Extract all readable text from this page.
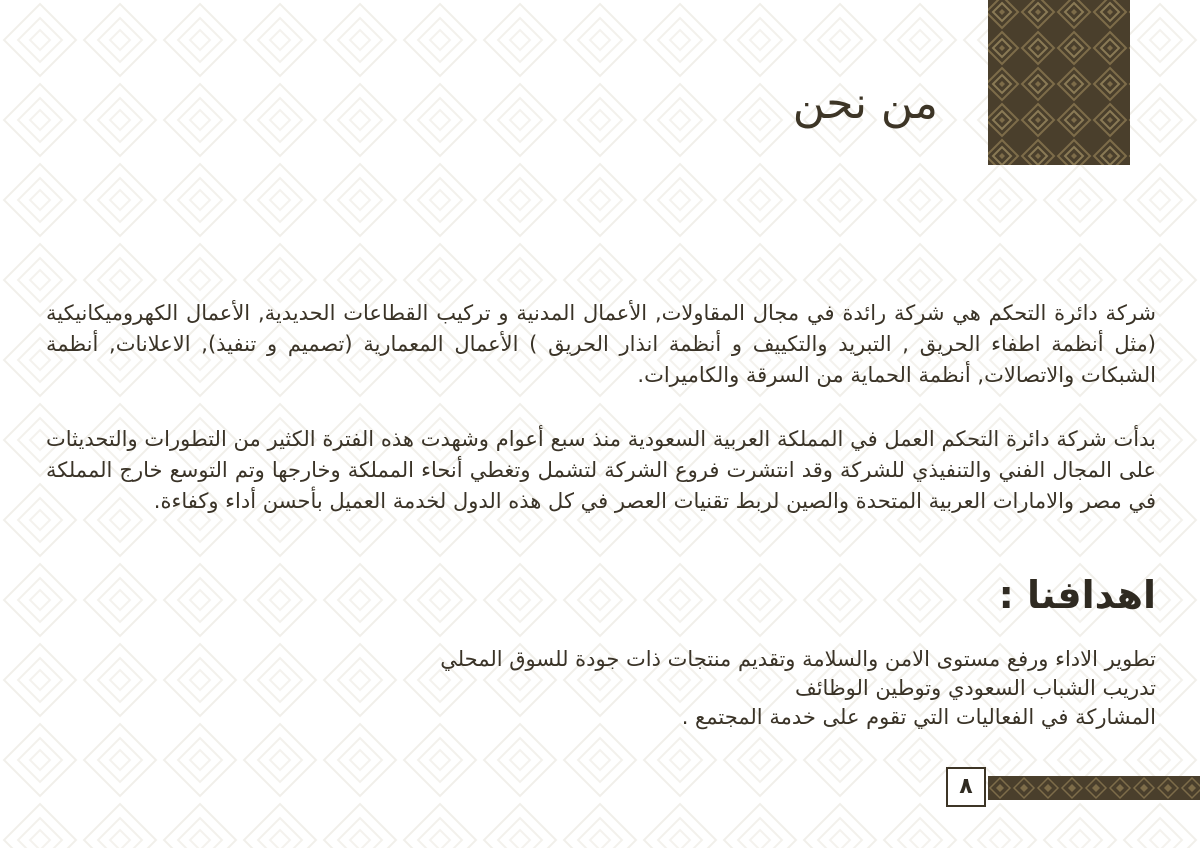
من نحن

شركة دائرة التحكم هي شركة رائدة في مجال المقاولات, الأعمال المدنية و تركيب القطاعات الحديدية, الأعمال الكهروميكانيكية (مثل أنظمة اطفاء الحريق , التبريد والتكييف و أنظمة انذار الحريق ) الأعمال المعمارية (تصميم و تنفيذ), الاعلانات, أنظمة الشبكات والاتصالات, أنظمة الحماية من السرقة والكاميرات.

بدأت شركة دائرة التحكم العمل في المملكة العربية السعودية منذ سبع أعوام وشهدت هذه الفترة الكثير من التطورات والتحديثات على المجال الفني والتنفيذي للشركة وقد انتشرت فروع الشركة لتشمل وتغطي أنحاء المملكة وخارجها وتم التوسع خارج المملكة في مصر والامارات العربية المتحدة والصين لربط تقنيات العصر في كل هذه الدول لخدمة العميل بأحسن أداء وكفاءة.

اهدافنا :
تطوير الاداء ورفع مستوى الامن والسلامة وتقديم منتجات ذات جودة للسوق المحلي
تدريب الشباب السعودي وتوطين الوظائف
المشاركة في الفعاليات التي تقوم على خدمة المجتمع .
٨
